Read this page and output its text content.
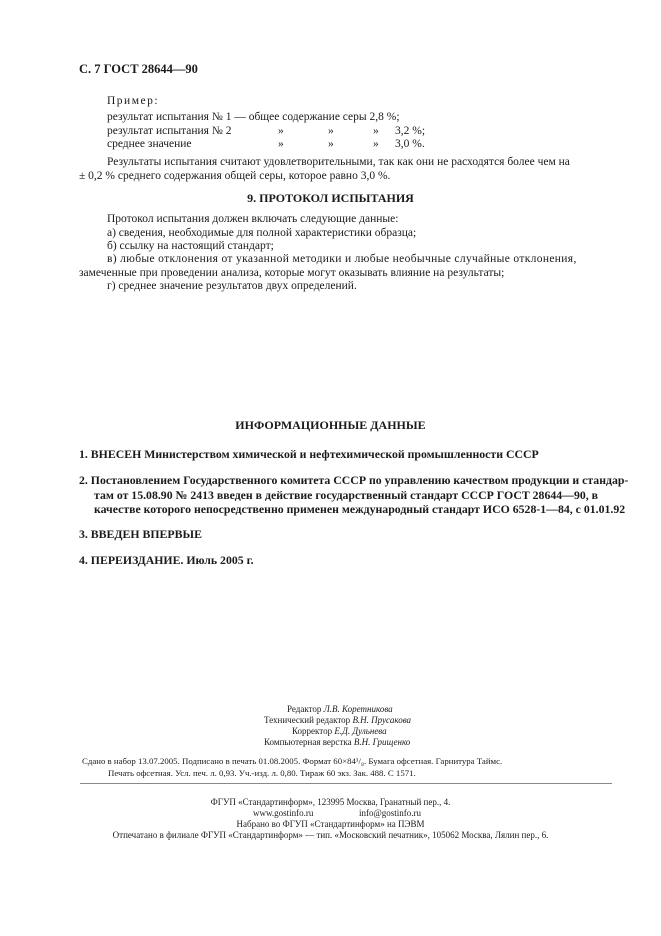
С. 7 ГОСТ 28644—90
Пример:
результат испытания № 1 — общее содержание серы 2,8 %;
результат испытания № 2	»	»	» 3,2 %;
среднее значение	»	»	» 3,0 %.
Результаты испытания считают удовлетворительными, так как они не расходятся более чем на
± 0,2 % среднего содержания общей серы, которое равно 3,0 %.
9. ПРОТОКОЛ ИСПЫТАНИЯ
Протокол испытания должен включать следующие данные:
а) сведения, необходимые для полной характеристики образца;
б) ссылку на настоящий стандарт;
в) любые отклонения от указанной методики и любые необычные случайные отклонения,
замеченные при проведении анализа, которые могут оказывать влияние на результаты;
г) среднее значение результатов двух определений.
ИНФОРМАЦИОННЫЕ ДАННЫЕ
1. ВНЕСЕН Министерством химической и нефтехимической промышленности СССР
2. Постановлением Государственного комитета СССР по управлению качеством продукции и стандар-
там от 15.08.90 № 2413 введен в действие государственный стандарт СССР ГОСТ 28644—90, в
качестве которого непосредственно применен международный стандарт ИСО 6528-1—84, с 01.01.92
3. ВВЕДЕН ВПЕРВЫЕ
4. ПЕРЕИЗДАНИЕ. Июль 2005 г.
Редактор Л.В. Коретникова
Технический редактор В.Н. Прусакова
Корректор Е.Д. Дульнева
Компьютерная верстка В.Н. Грищенко
Сдано в набор 13.07.2005. Подписано в печать 01.08.2005. Формат 60×84¹/₈. Бумага офсетная. Гарнитура Таймс.
Печать офсетная. Усл. печ. л. 0,93. Уч.-изд. л. 0,80. Тираж 60 экз. Зак. 488. С 1571.
ФГУП «Стандартинформ», 123995 Москва, Гранатный пер., 4.
www.gostinfo.ru	info@gostinfo.ru
Набрано во ФГУП «Стандартинформ» на ПЭВМ
Отпечатано в филиале ФГУП «Стандартинформ» — тип. «Московский печатник», 105062 Москва, Лялин пер., 6.
